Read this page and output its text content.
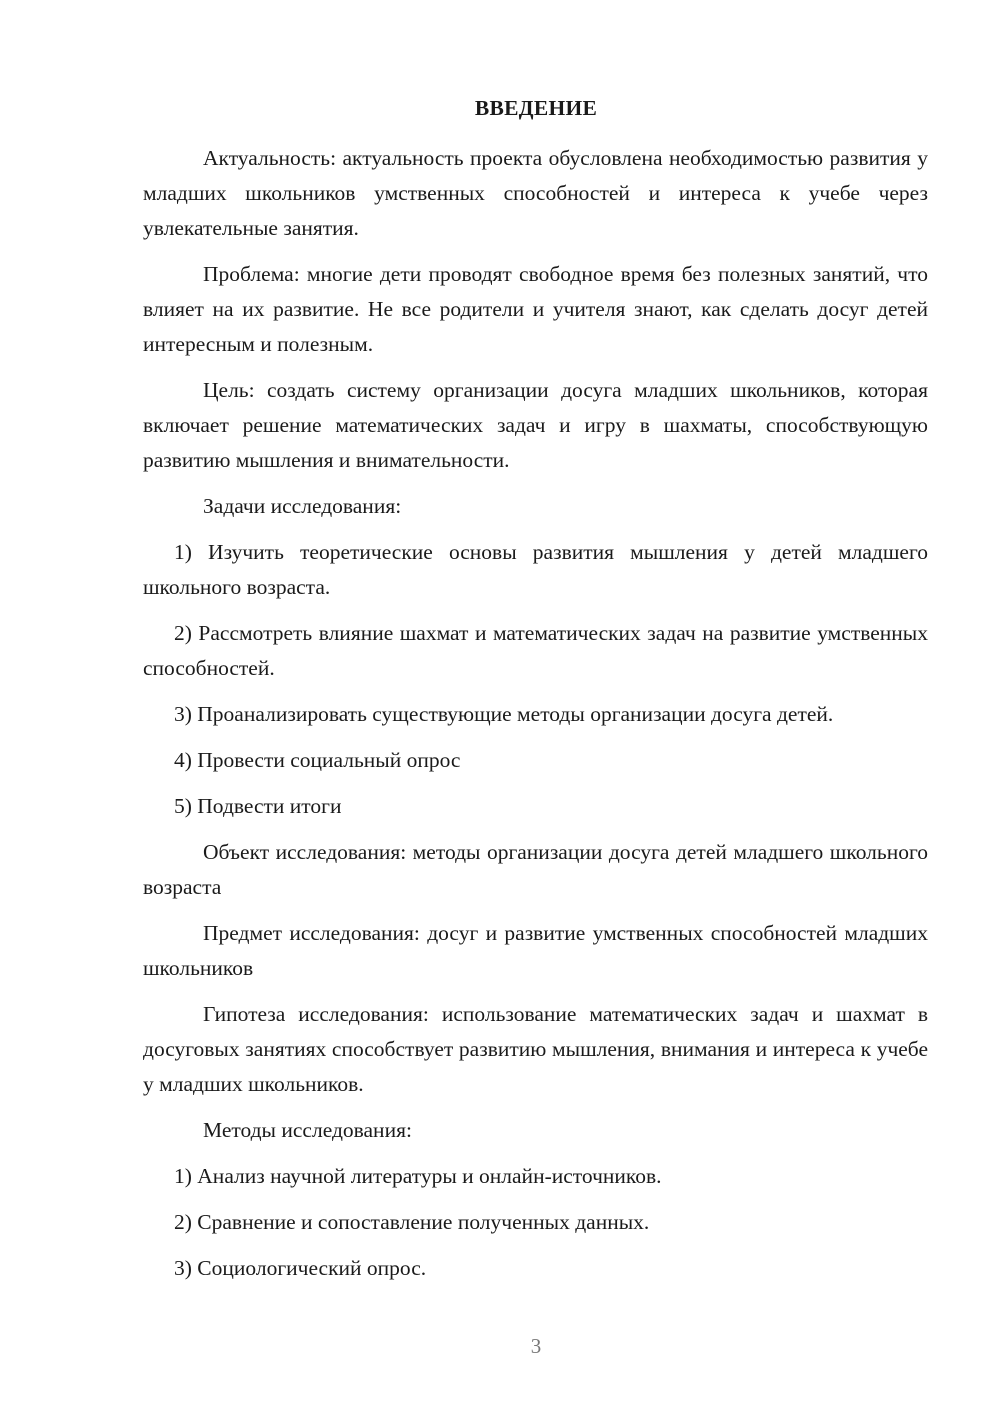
ВВЕДЕНИЕ

Актуальность: актуальность проекта обусловлена необходимостью развития у младших школьников умственных способностей и интереса к учебе через увлекательные занятия.

Проблема: многие дети проводят свободное время без полезных занятий, что влияет на их развитие. Не все родители и учителя знают, как сделать досуг детей интересным и полезным.

Цель: создать систему организации досуга младших школьников, которая включает решение математических задач и игру в шахматы, способствующую развитию мышления и внимательности.

Задачи исследования:

1) Изучить теоретические основы развития мышления у детей младшего школьного возраста.

2) Рассмотреть влияние шахмат и математических задач на развитие умственных способностей.

3) Проанализировать существующие методы организации досуга детей.

4) Провести социальный опрос

5) Подвести итоги

Объект исследования: методы организации досуга детей младшего школьного возраста

Предмет исследования: досуг и развитие умственных способностей младших школьников

Гипотеза исследования: использование математических задач и шахмат в досуговых занятиях способствует развитию мышления, внимания и интереса к учебе у младших школьников.

Методы исследования:

1) Анализ научной литературы и онлайн-источников.

2) Сравнение и сопоставление полученных данных.

3) Социологический опрос.

3
